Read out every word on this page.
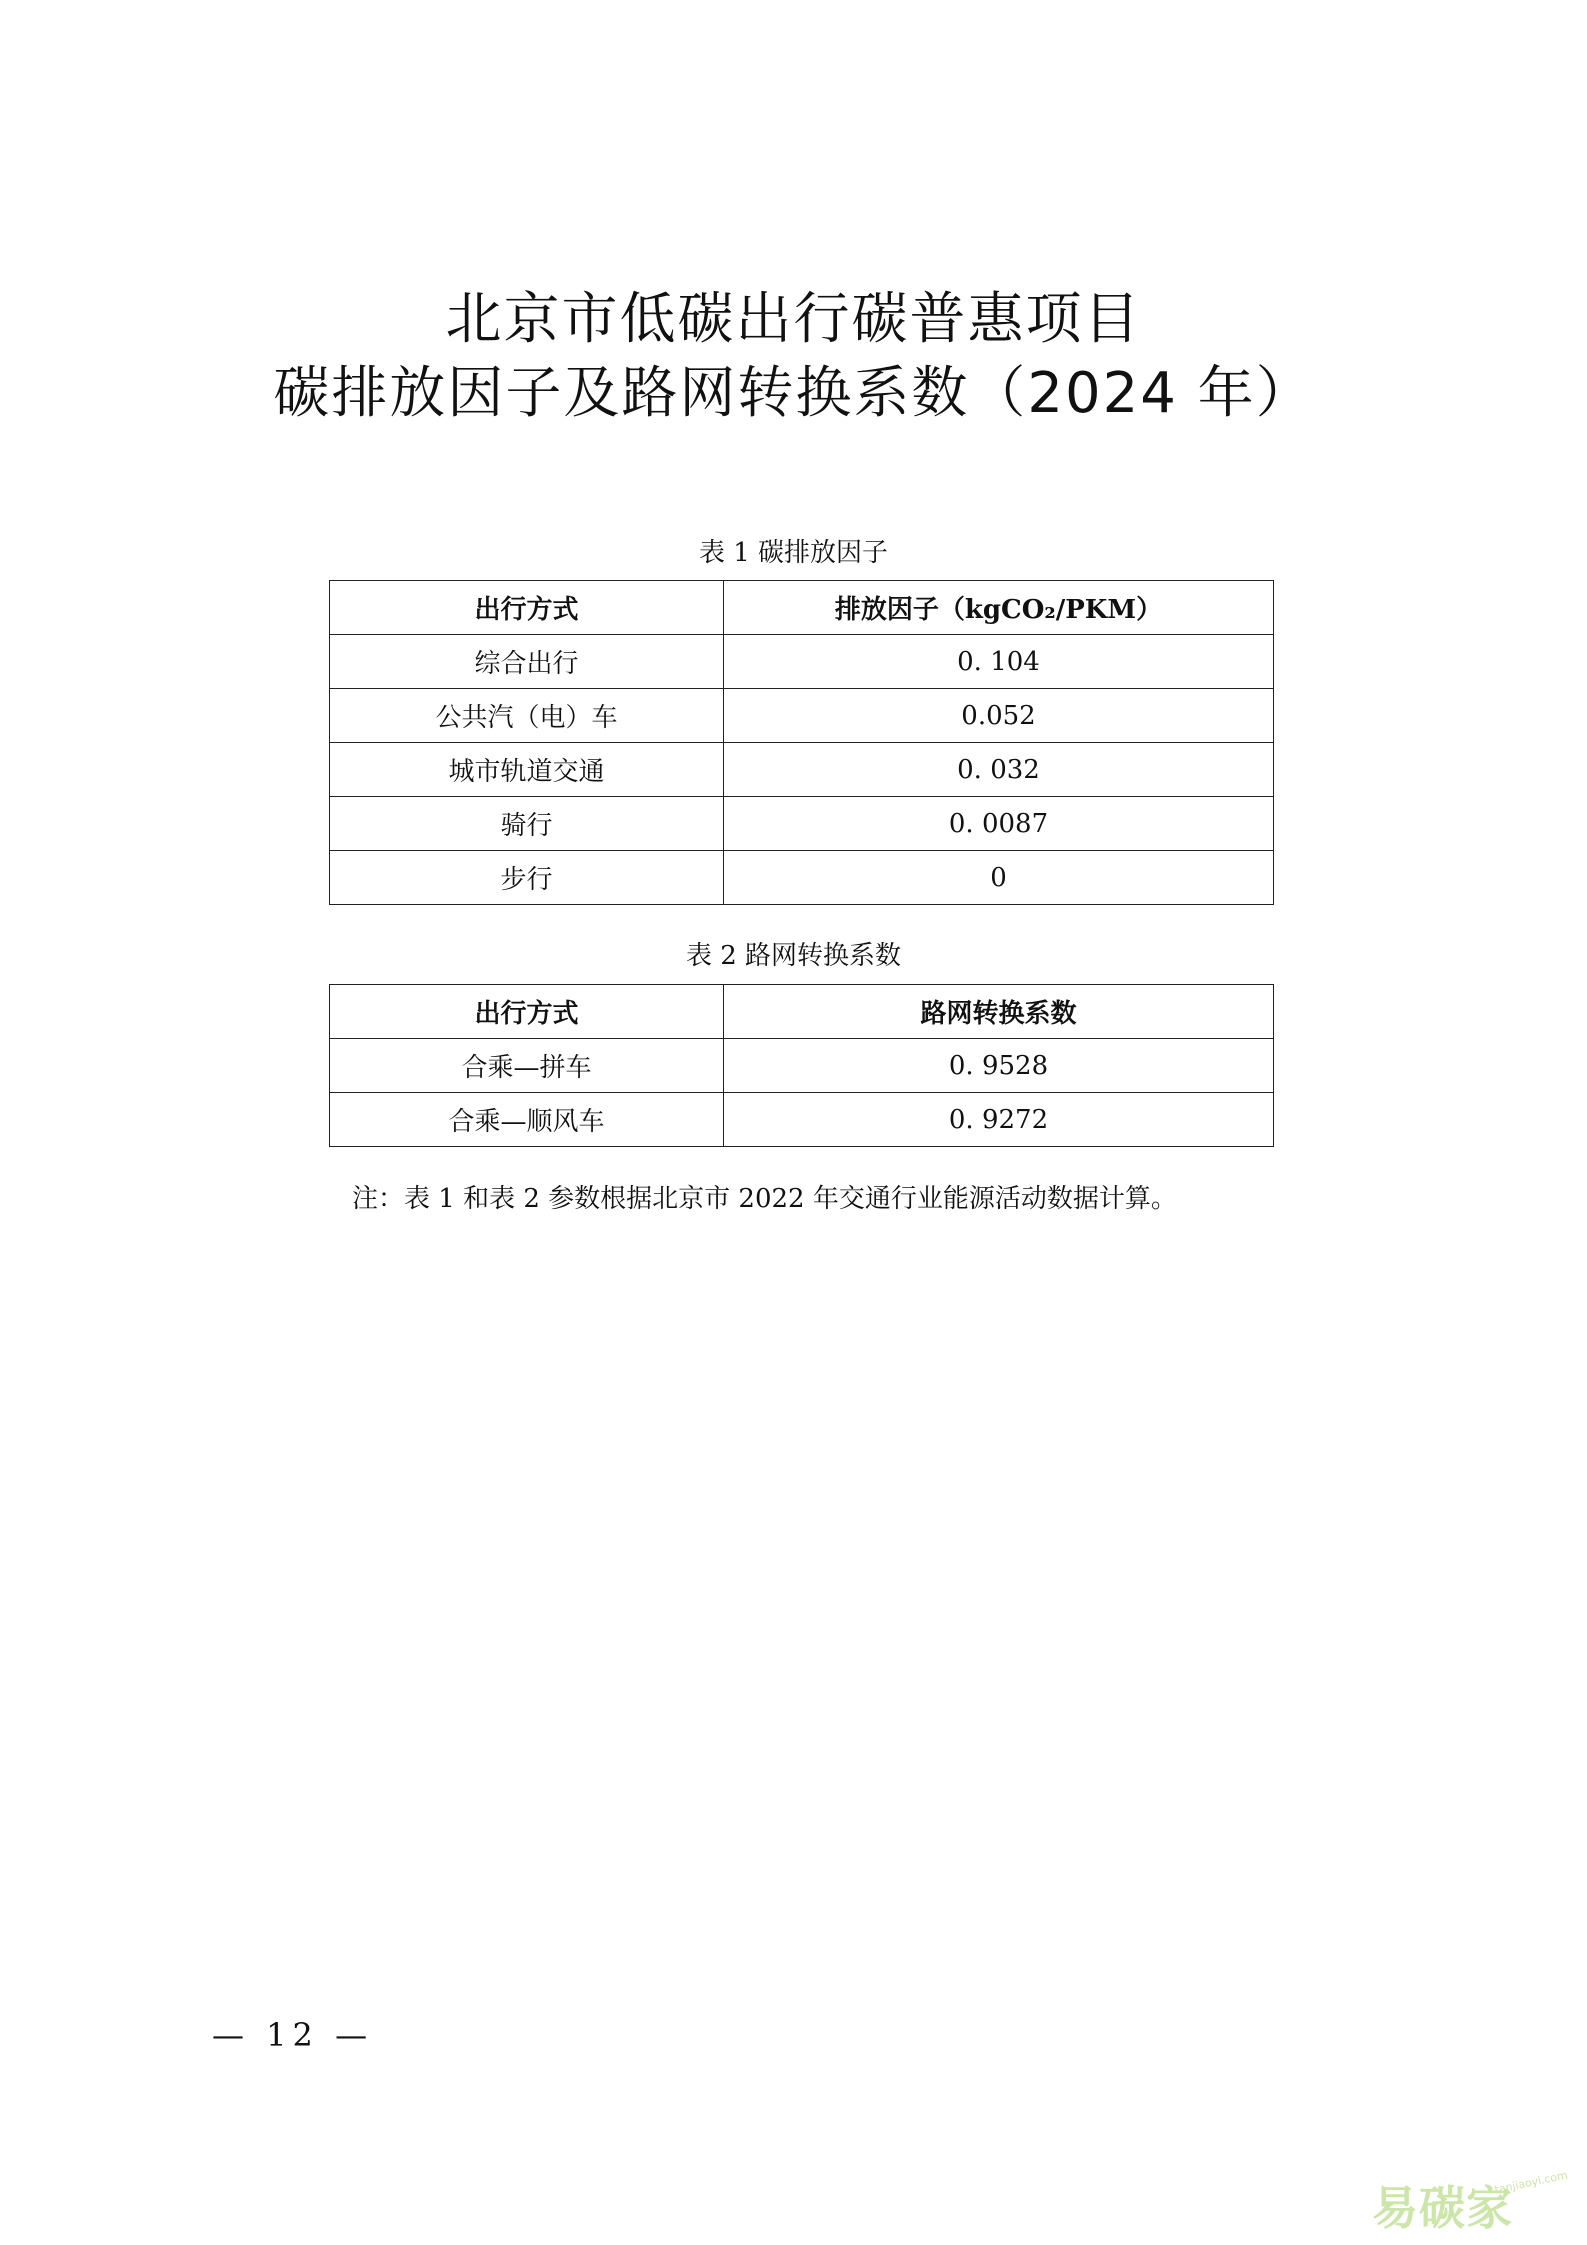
北京市低碳出行碳普惠项目
碳排放因子及路网转换系数（2024 年）
表 1 碳排放因子
出行方式	排放因子（kgCO₂/PKM）
综合出行	0. 104
公共汽（电）车	0.052
城市轨道交通	0. 032
骑行	0. 0087
步行	0
表 2 路网转换系数
出行方式	路网转换系数
合乘—拼车	0. 9528
合乘—顺风车	0. 9272
注：表 1 和表 2 参数根据北京市 2022 年交通行业能源活动数据计算。
— 12 —
易碳家
tanjiaoyi.com
